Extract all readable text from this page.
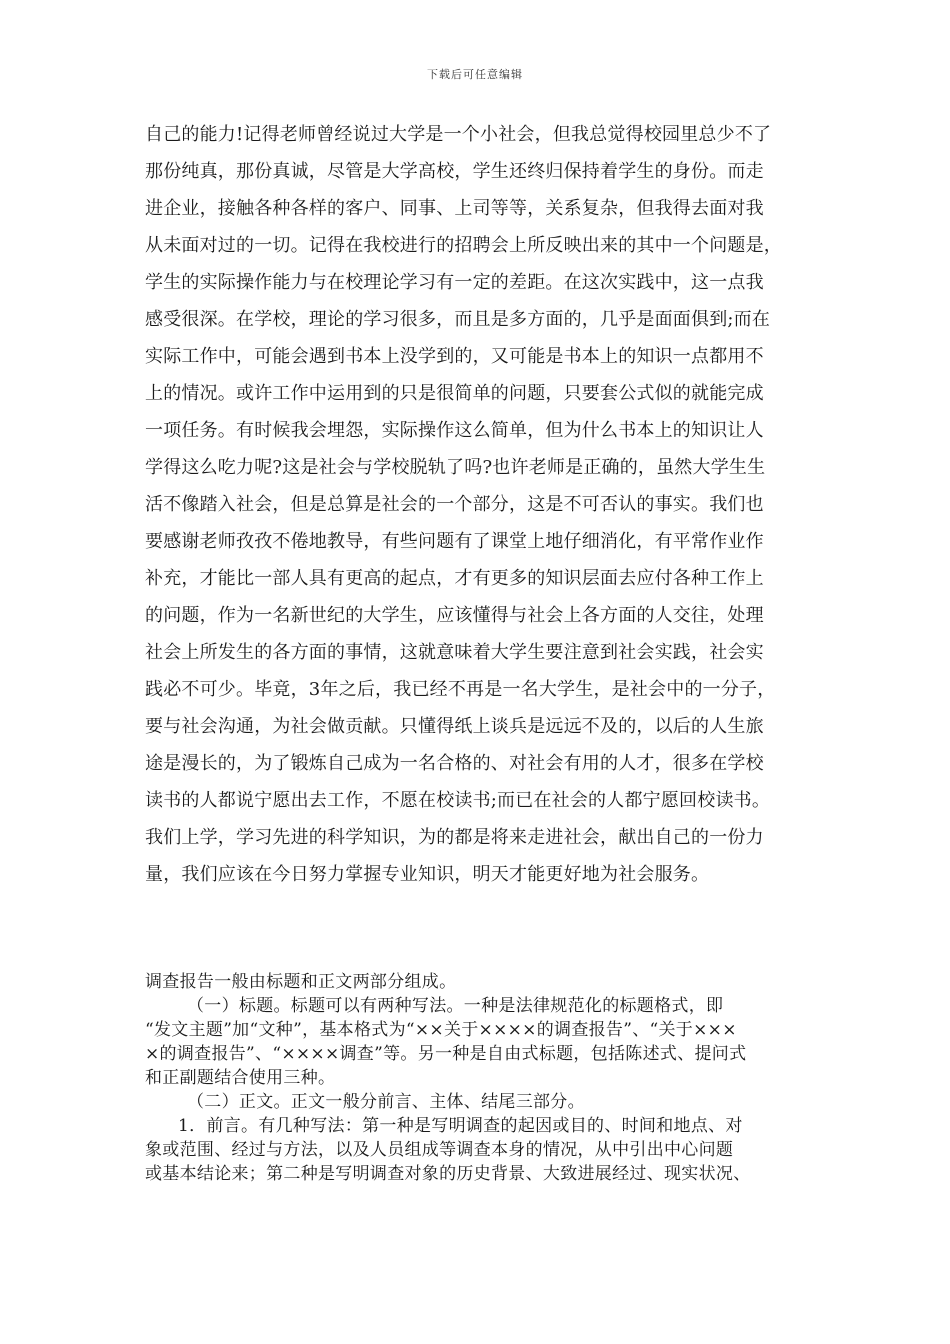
下载后可任意编辑
自己的能力!记得老师曾经说过大学是一个小社会，但我总觉得校园里总少不了
那份纯真，那份真诚，尽管是大学高校，学生还终归保持着学生的身份。而走
进企业，接触各种各样的客户、同事、上司等等，关系复杂，但我得去面对我
从未面对过的一切。记得在我校进行的招聘会上所反映出来的其中一个问题是，
学生的实际操作能力与在校理论学习有一定的差距。在这次实践中，这一点我
感受很深。在学校，理论的学习很多，而且是多方面的，几乎是面面俱到;而在
实际工作中，可能会遇到书本上没学到的，又可能是书本上的知识一点都用不
上的情况。或许工作中运用到的只是很简单的问题，只要套公式似的就能完成
一项任务。有时候我会埋怨，实际操作这么简单，但为什么书本上的知识让人
学得这么吃力呢?这是社会与学校脱轨了吗?也许老师是正确的，虽然大学生生
活不像踏入社会，但是总算是社会的一个部分，这是不可否认的事实。我们也
要感谢老师孜孜不倦地教导，有些问题有了课堂上地仔细消化，有平常作业作
补充，才能比一部人具有更高的起点，才有更多的知识层面去应付各种工作上
的问题，作为一名新世纪的大学生，应该懂得与社会上各方面的人交往，处理
社会上所发生的各方面的事情，这就意味着大学生要注意到社会实践，社会实
践必不可少。毕竟，3年之后，我已经不再是一名大学生，是社会中的一分子，
要与社会沟通，为社会做贡献。只懂得纸上谈兵是远远不及的，以后的人生旅
途是漫长的，为了锻炼自己成为一名合格的、对社会有用的人才，很多在学校
读书的人都说宁愿出去工作，不愿在校读书;而已在社会的人都宁愿回校读书。
我们上学，学习先进的科学知识，为的都是将来走进社会，献出自己的一份力
量，我们应该在今日努力掌握专业知识，明天才能更好地为社会服务。
调查报告一般由标题和正文两部分组成。
（一）标题。标题可以有两种写法。一种是法律规范化的标题格式，即
“发文主题”加“文种”，基本格式为“××关于××××的调查报告”、“关于×××
×的调查报告”、“××××调查”等。另一种是自由式标题，包括陈述式、提问式
和正副题结合使用三种。
（二）正文。正文一般分前言、主体、结尾三部分。
1．前言。有几种写法：第一种是写明调查的起因或目的、时间和地点、对
象或范围、经过与方法，以及人员组成等调查本身的情况，从中引出中心问题
或基本结论来；第二种是写明调查对象的历史背景、大致进展经过、现实状况、
